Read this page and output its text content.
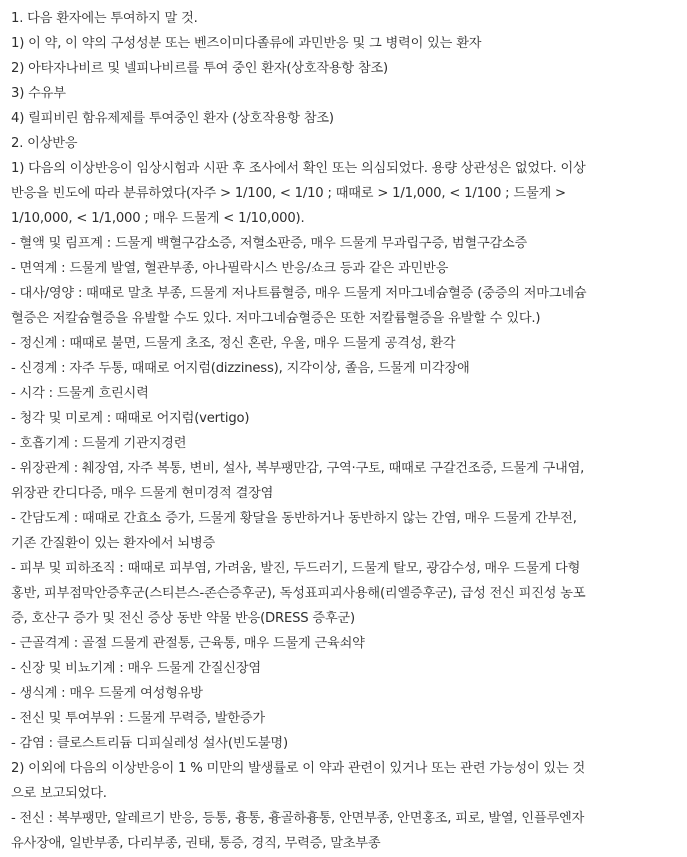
1. 다음 환자에는 투여하지 말 것.
1) 이 약, 이 약의 구성성분 또는 벤즈이미다졸류에 과민반응 및 그 병력이 있는 환자
2) 아타자나비르 및 넬피나비르를 투여 중인 환자(상호작용항 참조)
3) 수유부
4) 릴피비린 함유제제를 투여중인 환자 (상호작용항 참조)
2. 이상반응
1) 다음의 이상반응이 임상시험과 시판 후 조사에서 확인 또는 의심되었다. 용량 상관성은 없었다. 이상
반응을 빈도에 따라 분류하였다(자주 > 1/100, < 1/10 ; 때때로 > 1/1,000, < 1/100 ; 드물게 >
1/10,000, < 1/1,000 ; 매우 드물게 < 1/10,000).
- 혈액 및 림프계 : 드물게 백혈구감소증, 저혈소판증, 매우 드물게 무과립구증, 범혈구감소증
- 면역계 : 드물게 발열, 혈관부종, 아나필락시스 반응/쇼크 등과 같은 과민반응
- 대사/영양 : 때때로 말초 부종, 드물게 저나트륨혈증, 매우 드물게 저마그네슘혈증 (중증의 저마그네슘
혈증은 저칼슘혈증을 유발할 수도 있다. 저마그네슘혈증은 또한 저칼륨혈증을 유발할 수 있다.)
- 정신계 : 때때로 불면, 드물게 초조, 정신 혼란, 우울, 매우 드물게 공격성, 환각
- 신경계 : 자주 두통, 때때로 어지럼(dizziness), 지각이상, 졸음, 드물게 미각장애
- 시각 : 드물게 흐린시력
- 청각 및 미로계 : 때때로 어지럼(vertigo)
- 호흡기계 : 드물게 기관지경련
- 위장관계 : 췌장염, 자주 복통, 변비, 설사, 복부팽만감, 구역·구토, 때때로 구갈건조증, 드물게 구내염,
위장관 칸디다증, 매우 드물게 현미경적 결장염
- 간담도계 : 때때로 간효소 증가, 드물게 황달을 동반하거나 동반하지 않는 간염, 매우 드물게 간부전,
기존 간질환이 있는 환자에서 뇌병증
- 피부 및 피하조직 : 때때로 피부염, 가려움, 발진, 두드러기, 드물게 탈모, 광감수성, 매우 드물게 다형
홍반, 피부점막안증후군(스티븐스-존슨증후군), 독성표피괴사용해(리엘증후군), 급성 전신 피진성 농포
증, 호산구 증가 및 전신 증상 동반 약물 반응(DRESS 증후군)
- 근골격계 : 골절 드물게 관절통, 근육통, 매우 드물게 근육쇠약
- 신장 및 비뇨기계 : 매우 드물게 간질신장염
- 생식계 : 매우 드물게 여성형유방
- 전신 및 투여부위 : 드물게 무력증, 발한증가
- 감염 : 클로스트리듐 디피실레성 설사(빈도불명)
2) 이외에 다음의 이상반응이 1 % 미만의 발생률로 이 약과 관련이 있거나 또는 관련 가능성이 있는 것
으로 보고되었다.
- 전신 : 복부팽만, 알레르기 반응, 등통, 흉통, 흉골하흉통, 안면부종, 안면홍조, 피로, 발열, 인플루엔자
유사장애, 일반부종, 다리부종, 권태, 통증, 경직, 무력증, 말초부종
